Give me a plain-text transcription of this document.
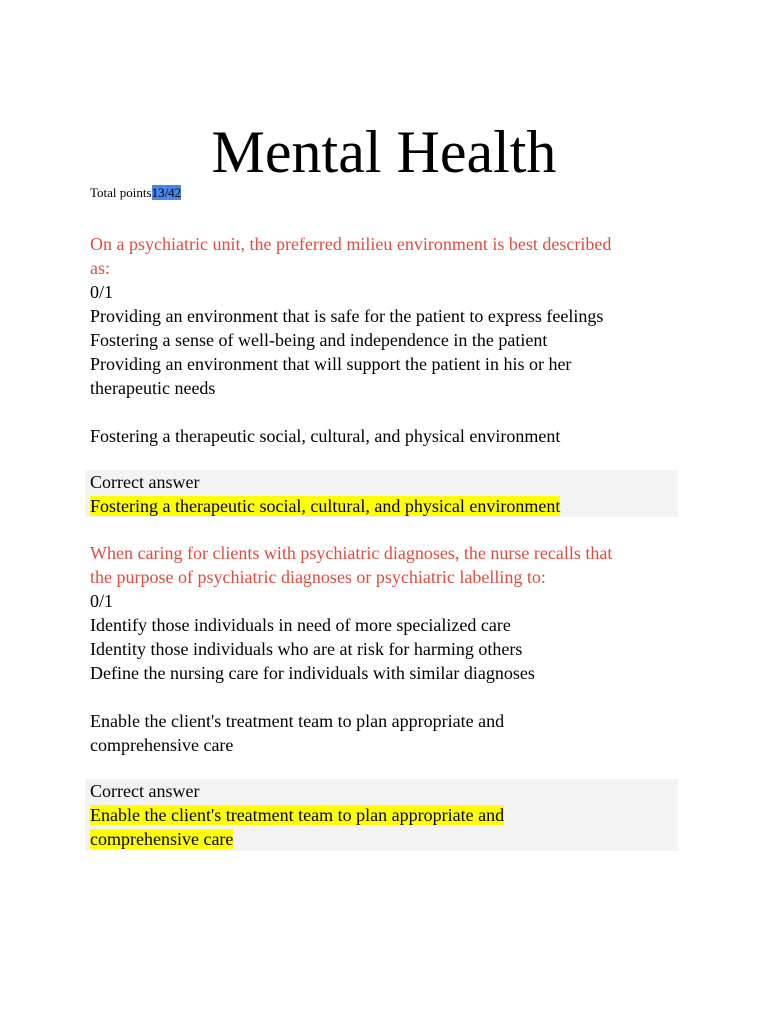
Mental Health
Total points13/42
On a psychiatric unit, the preferred milieu environment is best described
as:
0/1
Providing an environment that is safe for the patient to express feelings
Fostering a sense of well-being and independence in the patient
Providing an environment that will support the patient in his or her
therapeutic needs
Fostering a therapeutic social, cultural, and physical environment
Correct answer
Fostering a therapeutic social, cultural, and physical environment
When caring for clients with psychiatric diagnoses, the nurse recalls that
the purpose of psychiatric diagnoses or psychiatric labelling to:
0/1
Identify those individuals in need of more specialized care
Identity those individuals who are at risk for harming others
Define the nursing care for individuals with similar diagnoses
Enable the client's treatment team to plan appropriate and
comprehensive care
Correct answer
Enable the client's treatment team to plan appropriate and
comprehensive care
